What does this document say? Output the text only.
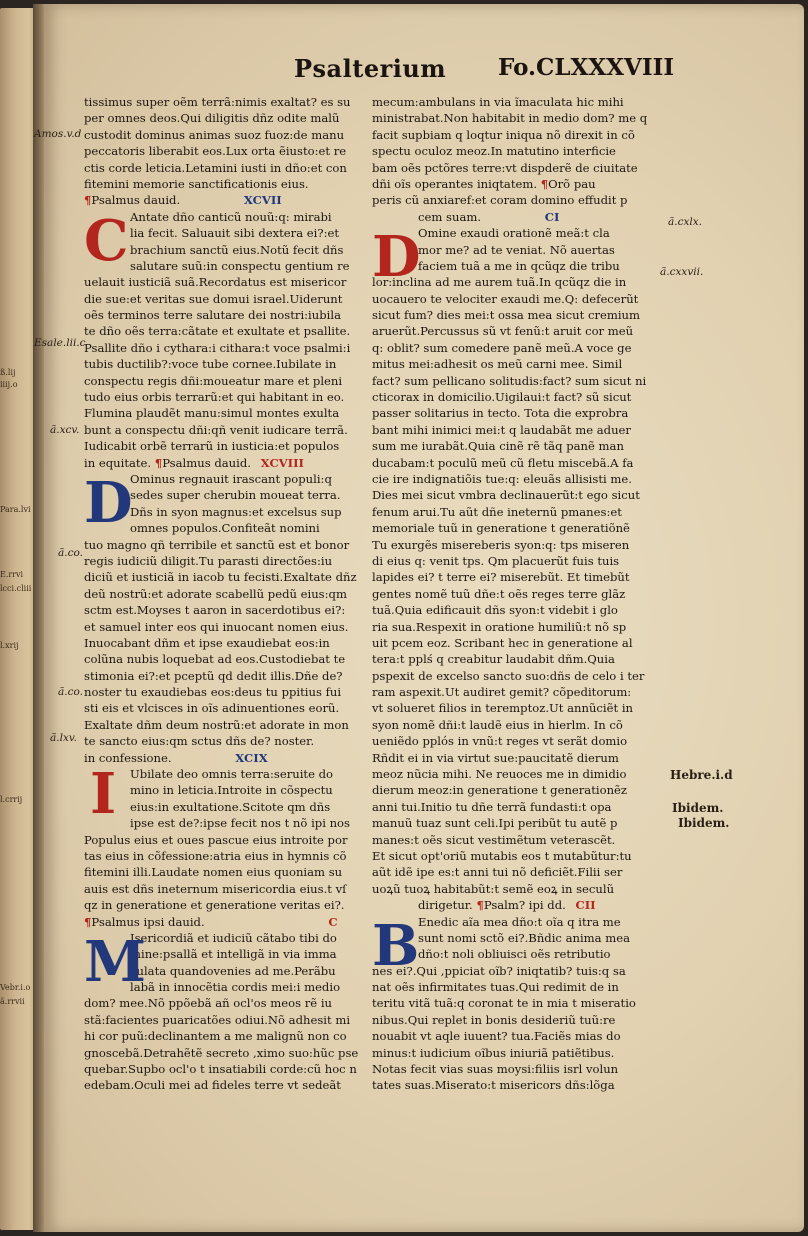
ß.lij
iiij.o
Para.lvi
E.rrvi
lcci.cliii
l.xrij
l.crrij
Vebr.i.o
ã.rrvii
Psalterium Fo.CLXXXVIII
Amos.v.d
Esale.lii.c
ã.xcv.
ã.co.
ã.co.
ã.lxv.
ã.cxlx.
ã.cxxvii.
Hebre.i.d
Ibidem.
Ibidem.
tissimus super oẽm terrã:nimis exaltat? es su
per omnes deos.Qui diligitis dñz odite malũ
custodit dominus animas suoz fuoz:de manu
peccatoris liberabit eos.Lux orta ẽiusto:et re
ctis corde leticia.Letamini iusti in dño:et con
fitemini memorie sanctificationis eius.
¶Psalmus dauid.	XCVII
C Antate dño canticũ nouũ:q: mirabi
lia fecit. Saluauit sibi dextera ei?:et
brachium sanctũ eius.Notũ fecit dñs
salutare suũ:in conspectu gentium re
uelauit iusticiã suã.Recordatus est misericor
die sue:et veritas sue domui israel.Uiderunt
oẽs terminos terre salutare dei nostri:iubila
te dño oẽs terra:cãtate et exultate et psallite.
Psallite dño i cythara:i cithara:t voce psalmi:i
tubis ductilib?:voce tube cornee.Iubilate in
conspectu regis dñi:moueatur mare et pleni
tudo eius orbis terrarũ:et qui habitant in eo.
Flumina plaudẽt manu:simul montes exulta
bunt a conspectu dñi:qñ venit iudicare terrã.
Iudicabit orbẽ terrarũ in iusticia:et populos
in equitate. ¶Psalmus dauid. XCVIII
D
Ominus regnauit irascant populi:q
sedes super cherubin moueat terra.
Dñs in syon magnus:et excelsus sup
omnes populos.Confiteãt nomini
tuo magno qñ terribile et sanctũ est et bonor
regis iudiciũ diligit.Tu parasti directões:iu
diciũ et iusticiã in iacob tu fecisti.Exaltate dñz
deũ nostrũ:et adorate scabellũ pedũ eius:qm
sctm est.Moyses t aaron in sacerdotibus ei?:
et samuel inter eos qui inuocant nomen eius.
Inuocabant dñm et ipse exaudiebat eos:in
colũna nubis loquebat ad eos.Custodiebat te
stimonia ei?:et pceptũ qd dedit illis.Dñe de?
noster tu exaudiebas eos:deus tu ppitius fui
sti eis et vlcisces in oĩs adinuentiones eorũ.
Exaltate dñm deum nostrũ:et adorate in mon
te sancto eius:qm sctus dñs de? noster.
in confessione.	XCIX
I	Ubilate deo omnis terra:seruite do
mino in leticia.Introite in cõspectu
eius:in exultatione.Scitote qm dñs
ipse est de?:ipse fecit nos t nõ ipi nos
Populus eius et oues pascue eius introite por
tas eius in cõfessione:atria eius in hymnis cõ
fitemini illi.Laudate nomen eius quoniam su
auis est dñs ineternum misericordia eius.t vſ
qz in generatione et generatione veritas ei?.
¶Psalmus ipsi dauid.	C
M
Isericordiã et iudiciũ cãtabo tibi do
mine:psallã et intelligã in via imma
culata quandovenies ad me.Perãbu
labã in innocẽtia cordis mei:i medio
dom? mee.Nõ ppõebã añ ocl'os meos rẽ iu
stã:facientes puaricatões odiui.Nõ adhesit mi
hi cor puũ:declinantem a me malignũ non co
gnoscebã.Detrahẽtẽ secreto ,ximo suo:hũc pse
quebar.Supbo ocl'o t insatiabili corde:cũ hoc n
edebam.Oculi mei ad fideles terre vt sedeãt
mecum:ambulans in via ĩmaculata hic mihi
ministrabat.Non habitabit in medio dom? me q
facit supbiam q loqtur iniqua nõ direxit in cõ
spectu oculoz meoz.In matutino interficie
bam oẽs pctõres terre:vt dispderẽ de ciuitate
dñi oĩs operantes iniqtatem. ¶Orõ pau
peris cũ anxiaref:et coram domino effudit p
cem suam.	CI
D
Omine exaudi orationẽ meã:t cla
mor me? ad te veniat. Nõ auertas
faciem tuã a me in qcũqz die tribu
lor:inclina ad me aurem tuã.In qcũqz die in
uocauero te velociter exaudi me.Q: defecerũt
sicut fum? dies mei:t ossa mea sicut cremium
aruerũt.Percussus sũ vt fenũ:t aruit cor meũ
q: oblit? sum comedere panẽ meũ.A voce ge
mitus mei:adhesit os meũ carni mee. Simil
fact? sum pellicano solitudis:fact? sum sicut ni
cticorax in domicilio.Uigilaui:t fact? sũ sicut
passer solitarius in tecto. Tota die exprobra
bant mihi inimici mei:t q laudabãt me aduer
sum me iurabãt.Quia cinẽ rẽ tãq panẽ man
ducabam:t poculũ meũ cũ fletu miscebã.A fa
cie ire indignatiõis tue:q: eleuãs allisisti me.
Dies mei sicut vmbra declinauerũt:t ego sicut
fenum arui.Tu aũt dñe ineternũ pmanes:et
memoriale tuũ in generatione t generatiõnẽ
Tu exurgẽs misereberis syon:q: tps miseren
di eius q: venit tps. Qm placuerũt fuis tuis
lapides ei? t terre ei? miserebũt. Et timebũt
gentes nomẽ tuũ dñe:t oẽs reges terre glãz
tuã.Quia edificauit dñs syon:t videbit i glo
ria sua.Respexit in oratione humiliũ:t nõ sp
uit pcem eoz. Scribant hec in generatione al
tera:t pplś q creabitur laudabit dñm.Quia
pspexit de excelso sancto suo:dñs de celo i ter
ram aspexit.Ut audiret gemit? cõpeditorum:
vt solueret filios in teremptoz.Ut annũciẽt in
syon nomẽ dñi:t laudẽ eius in hierlm. In cõ
ueniẽdo pplós in vnũ:t reges vt serãt domio
Rñdit ei in via virtut sue:paucitatẽ dierum
meoz nũcia mihi. Ne reuoces me in dimidio
dierum meoz:in generatione t generationẽz
anni tui.Initio tu dñe terrã fundasti:t opa
manuũ tuaz sunt celi.Ipi peribũt tu autẽ p
manes:t oẽs sicut vestimẽtum veterascẽt.
Et sicut opt'oriũ mutabis eos t mutabũtur:tu
aũt idẽ ipe es:t anni tui nõ deficiẽt.Filii ser
uoꝝũ tuoꝝ habitabũt:t semẽ eoꝝ in seculũ
dirigetur. ¶Psalm? ipi dd. CII
B
Enedic aĩa mea dño:t oĩa q itra me
sunt nomi sctõ ei?.Bñdic anima mea
dño:t noli obliuisci oẽs retributio
nes ei?.Qui ,ppiciat oĩb? iniqtatib? tuis:q sa
nat oẽs infirmitates tuas.Qui redimit de in
teritu vitã tuã:q coronat te in mia t miseratio
nibus.Qui replet in bonis desideriũ tuũ:re
nouabit vt aqle iuuent? tua.Faciẽs mias do
minus:t iudicium oĩbus iniuriã patiẽtibus.
Notas fecit vias suas moysi:filiis isrl volun
tates suas.Miserato:t misericors dñs:lõga
